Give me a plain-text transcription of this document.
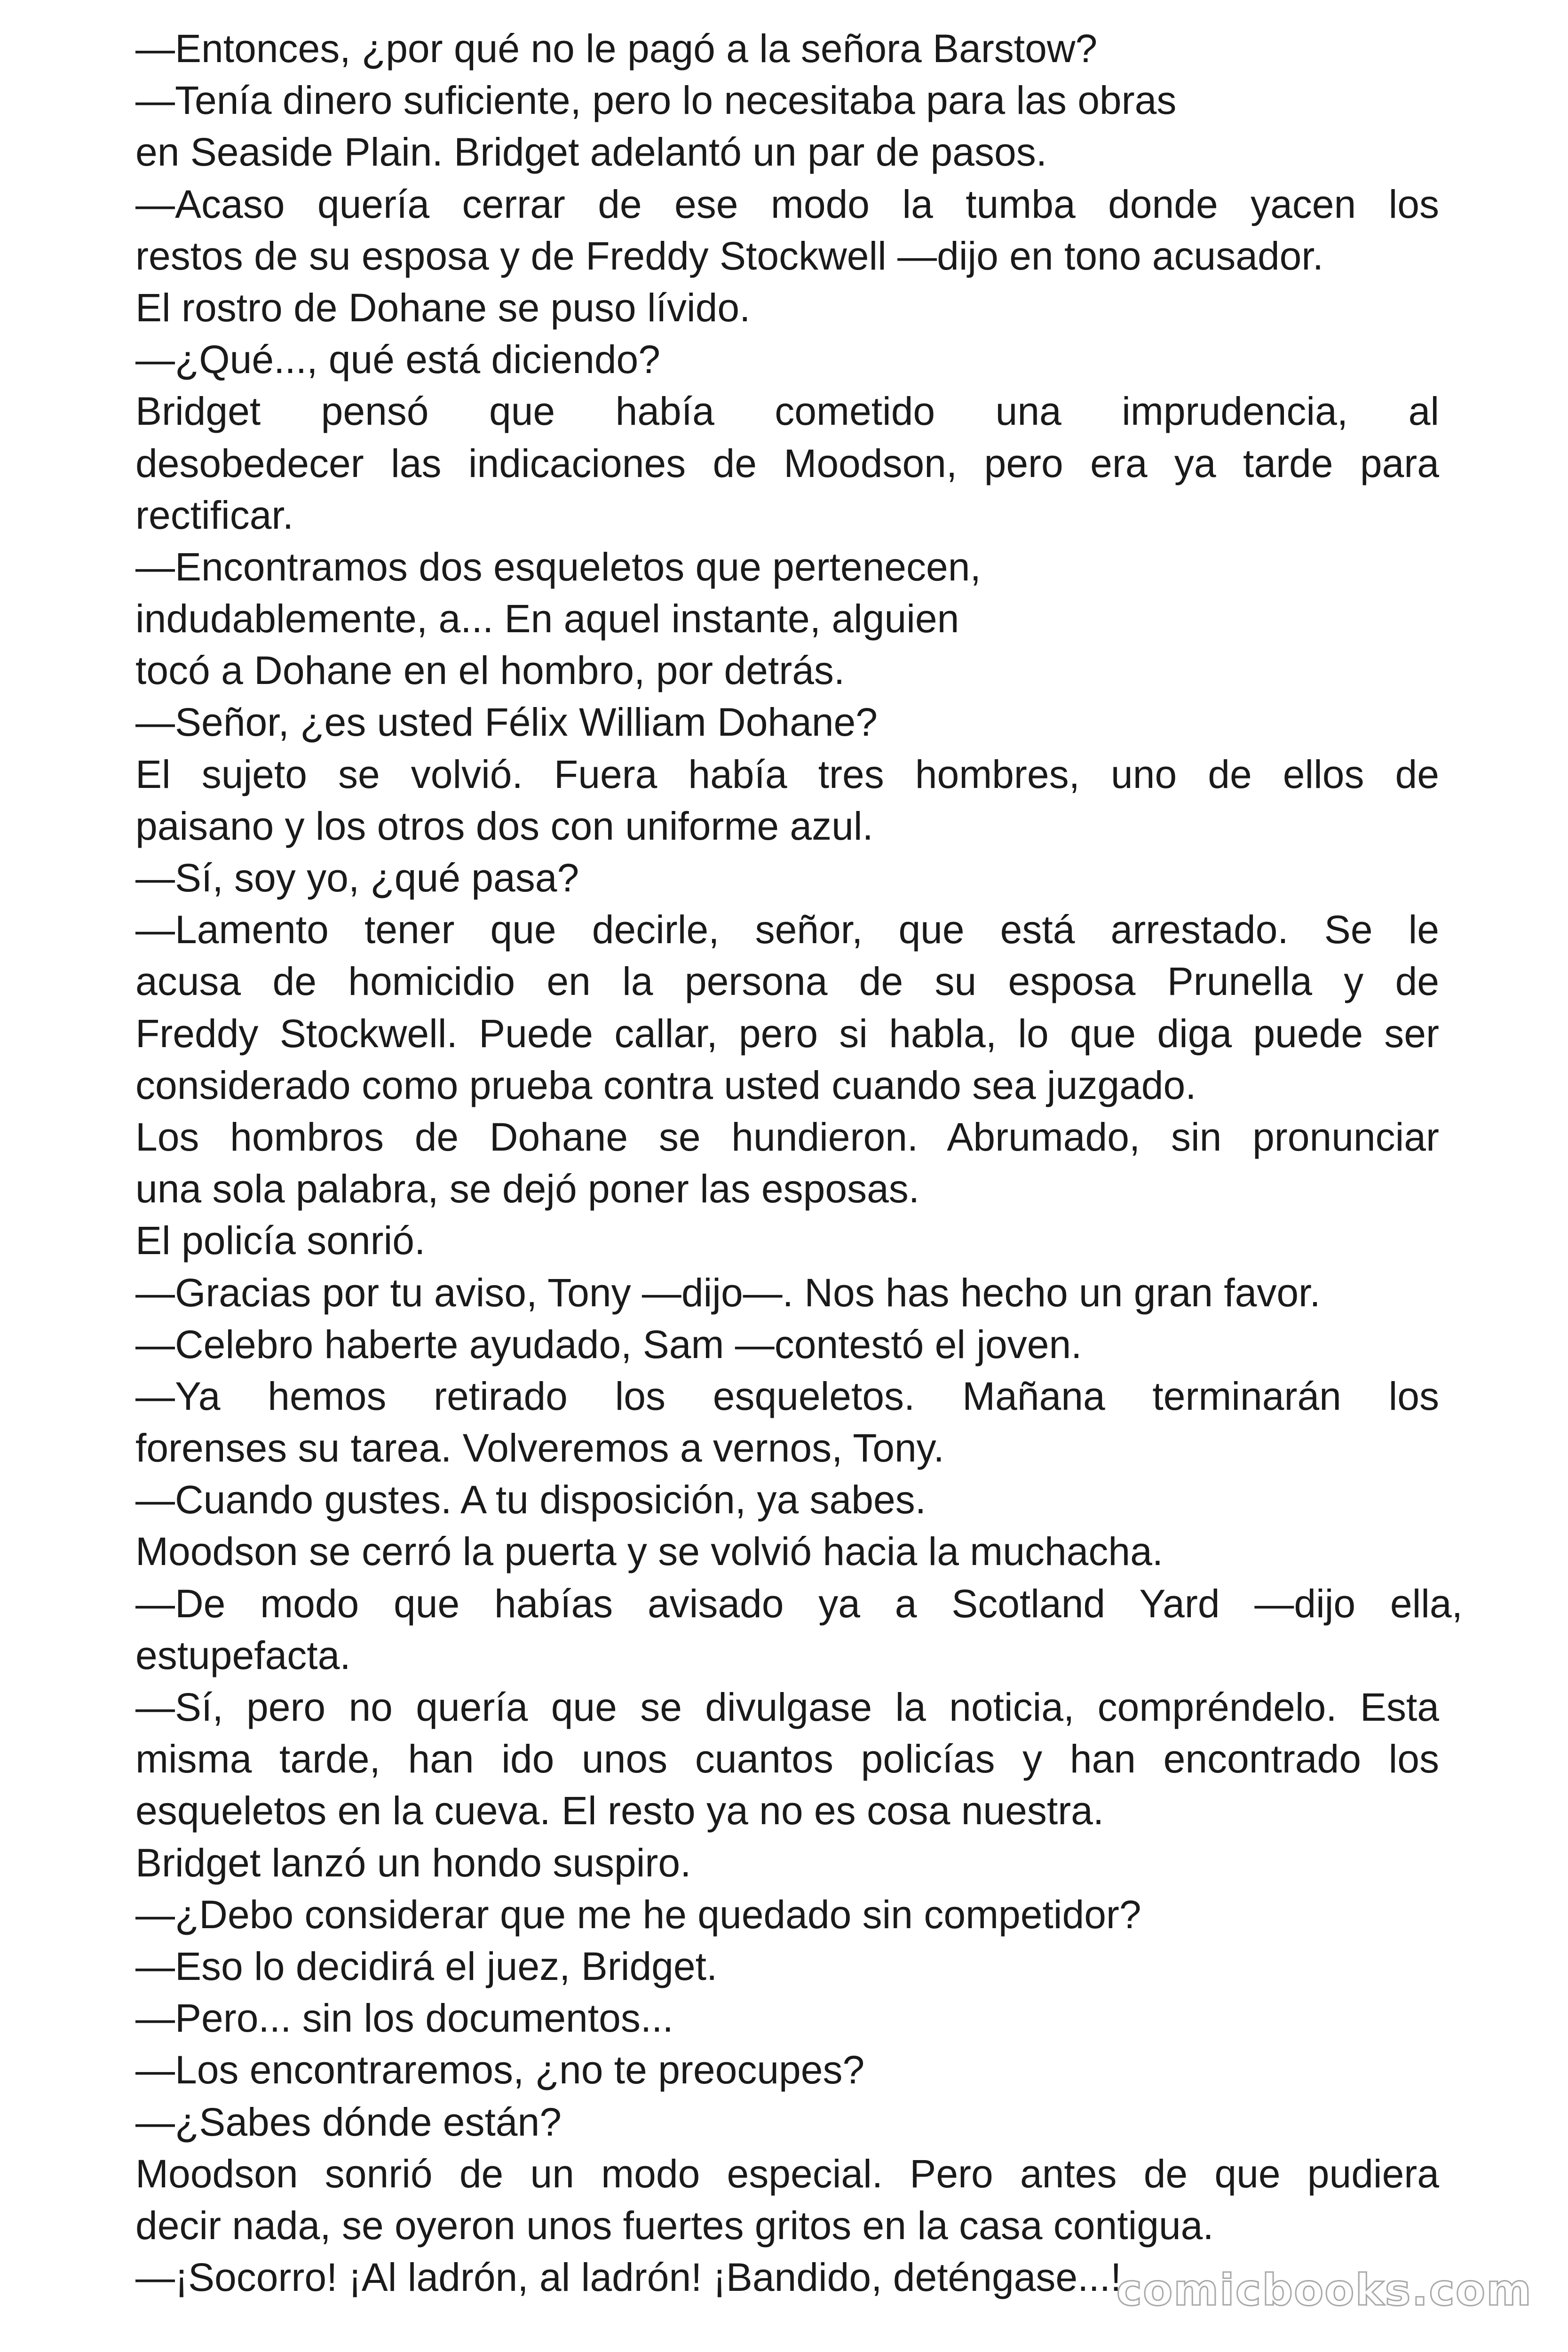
—Entonces, ¿por qué no le pagó a la señora Barstow?
—Tenía dinero suficiente, pero lo necesitaba para las obras
en Seaside Plain. Bridget adelantó un par de pasos.
—Acaso quería cerrar de ese modo la tumba donde yacen los
restos de su esposa y de Freddy Stockwell —dijo en tono acusador.
El rostro de Dohane se puso lívido.
—¿Qué..., qué está diciendo?
Bridget pensó que había cometido una imprudencia, al
desobedecer las indicaciones de Moodson, pero era ya tarde para
rectificar.
—Encontramos dos esqueletos que pertenecen,
indudablemente, a... En aquel instante, alguien
tocó a Dohane en el hombro, por detrás.
—Señor, ¿es usted Félix William Dohane?
El sujeto se volvió. Fuera había tres hombres, uno de ellos de
paisano y los otros dos con uniforme azul.
—Sí, soy yo, ¿qué pasa?
—Lamento tener que decirle, señor, que está arrestado. Se le
acusa de homicidio en la persona de su esposa Prunella y de
Freddy Stockwell. Puede callar, pero si habla, lo que diga puede ser
considerado como prueba contra usted cuando sea juzgado.
Los hombros de Dohane se hundieron. Abrumado, sin pronunciar
una sola palabra, se dejó poner las esposas.
El policía sonrió.
—Gracias por tu aviso, Tony —dijo—. Nos has hecho un gran favor.
—Celebro haberte ayudado, Sam —contestó el joven.
—Ya hemos retirado los esqueletos. Mañana terminarán los
forenses su tarea. Volveremos a vernos, Tony.
—Cuando gustes. A tu disposición, ya sabes.
Moodson se cerró la puerta y se volvió hacia la muchacha.
—De modo que habías avisado ya a Scotland Yard —dijo ella,
estupefacta.
—Sí, pero no quería que se divulgase la noticia, compréndelo. Esta
misma tarde, han ido unos cuantos policías y han encontrado los
esqueletos en la cueva. El resto ya no es cosa nuestra.
Bridget lanzó un hondo suspiro.
—¿Debo considerar que me he quedado sin competidor?
—Eso lo decidirá el juez, Bridget.
—Pero... sin los documentos...
—Los encontraremos, ¿no te preocupes?
—¿Sabes dónde están?
Moodson sonrió de un modo especial. Pero antes de que pudiera
decir nada, se oyeron unos fuertes gritos en la casa contigua.
—¡Socorro! ¡Al ladrón, al ladrón! ¡Bandido, deténgase...!
comicbooks.com
